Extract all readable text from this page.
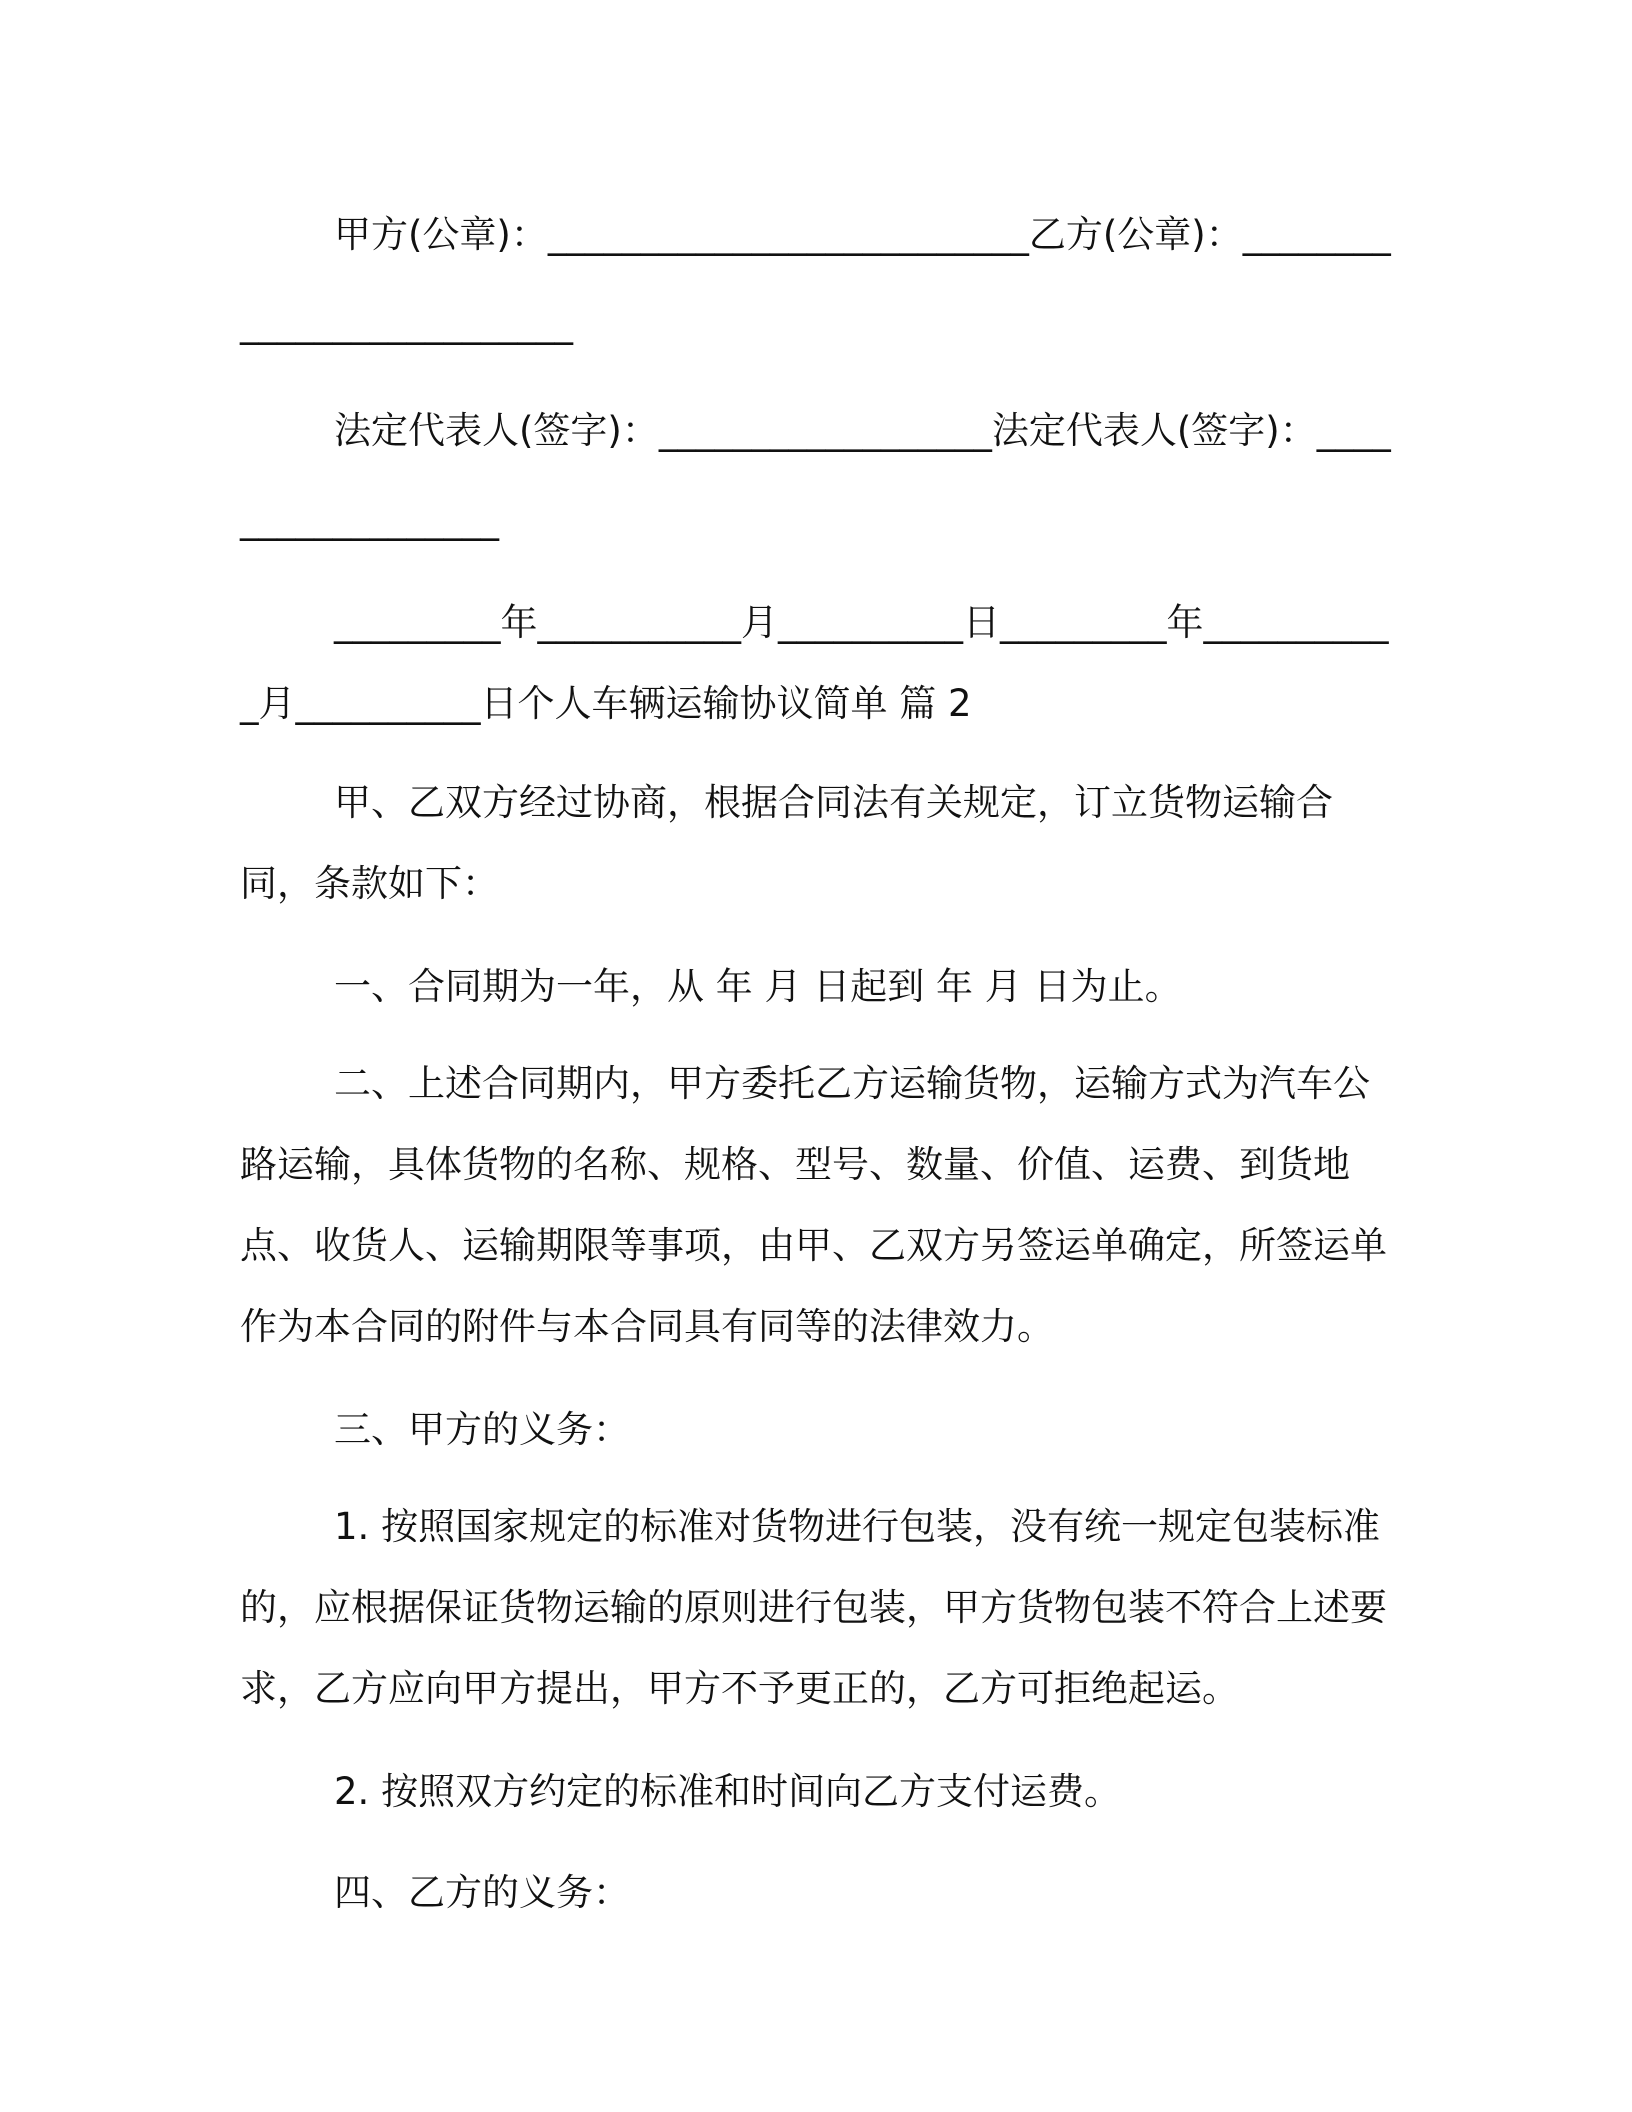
甲方(公章)：__________________________乙方(公章)：__________________________

法定代表人(签字)：__________________法定代表人(签字)：__________________

_________年___________月__________日_________年___________月__________日个人车辆运输协议简单 篇 2

甲、乙双方经过协商，根据合同法有关规定，订立货物运输合同，条款如下：

一、合同期为一年，从 年 月 日起到 年 月 日为止。

二、上述合同期内，甲方委托乙方运输货物，运输方式为汽车公路运输，具体货物的名称、规格、型号、数量、价值、运费、到货地点、收货人、运输期限等事项，由甲、乙双方另签运单确定，所签运单作为本合同的附件与本合同具有同等的法律效力。

三、甲方的义务：

1. 按照国家规定的标准对货物进行包装，没有统一规定包装标准的，应根据保证货物运输的原则进行包装，甲方货物包装不符合上述要求，乙方应向甲方提出，甲方不予更正的，乙方可拒绝起运。

2. 按照双方约定的标准和时间向乙方支付运费。

四、乙方的义务：
